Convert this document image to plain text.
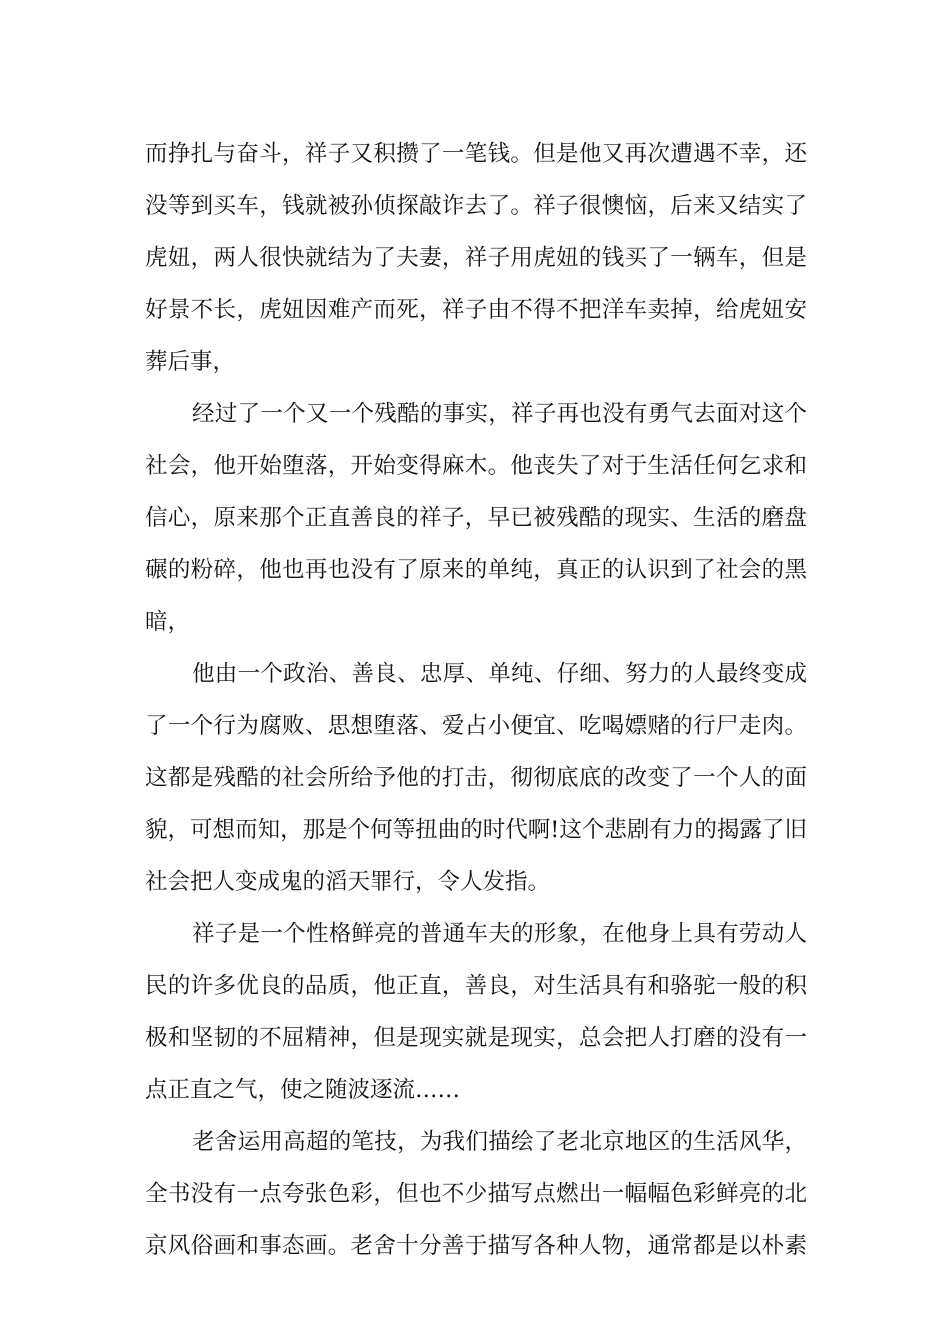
而挣扎与奋斗，祥子又积攒了一笔钱。但是他又再次遭遇不幸，还
没等到买车，钱就被孙侦探敲诈去了。祥子很懊恼，后来又结实了
虎妞，两人很快就结为了夫妻，祥子用虎妞的钱买了一辆车，但是
好景不长，虎妞因难产而死，祥子由不得不把洋车卖掉，给虎妞安
葬后事，
经过了一个又一个残酷的事实，祥子再也没有勇气去面对这个
社会，他开始堕落，开始变得麻木。他丧失了对于生活任何乞求和
信心，原来那个正直善良的祥子，早已被残酷的现实、生活的磨盘
碾的粉碎，他也再也没有了原来的单纯，真正的认识到了社会的黑
暗，
他由一个政治、善良、忠厚、单纯、仔细、努力的人最终变成
了一个行为腐败、思想堕落、爱占小便宜、吃喝嫖赌的行尸走肉。
这都是残酷的社会所给予他的打击，彻彻底底的改变了一个人的面
貌，可想而知，那是个何等扭曲的时代啊!这个悲剧有力的揭露了旧
社会把人变成鬼的滔天罪行，令人发指。
祥子是一个性格鲜亮的普通车夫的形象，在他身上具有劳动人
民的许多优良的品质，他正直，善良，对生活具有和骆驼一般的积
极和坚韧的不屈精神，但是现实就是现实，总会把人打磨的没有一
点正直之气，使之随波逐流……
老舍运用高超的笔技，为我们描绘了老北京地区的生活风华，
全书没有一点夸张色彩，但也不少描写点燃出一幅幅色彩鲜亮的北
京风俗画和事态画。老舍十分善于描写各种人物，通常都是以朴素
